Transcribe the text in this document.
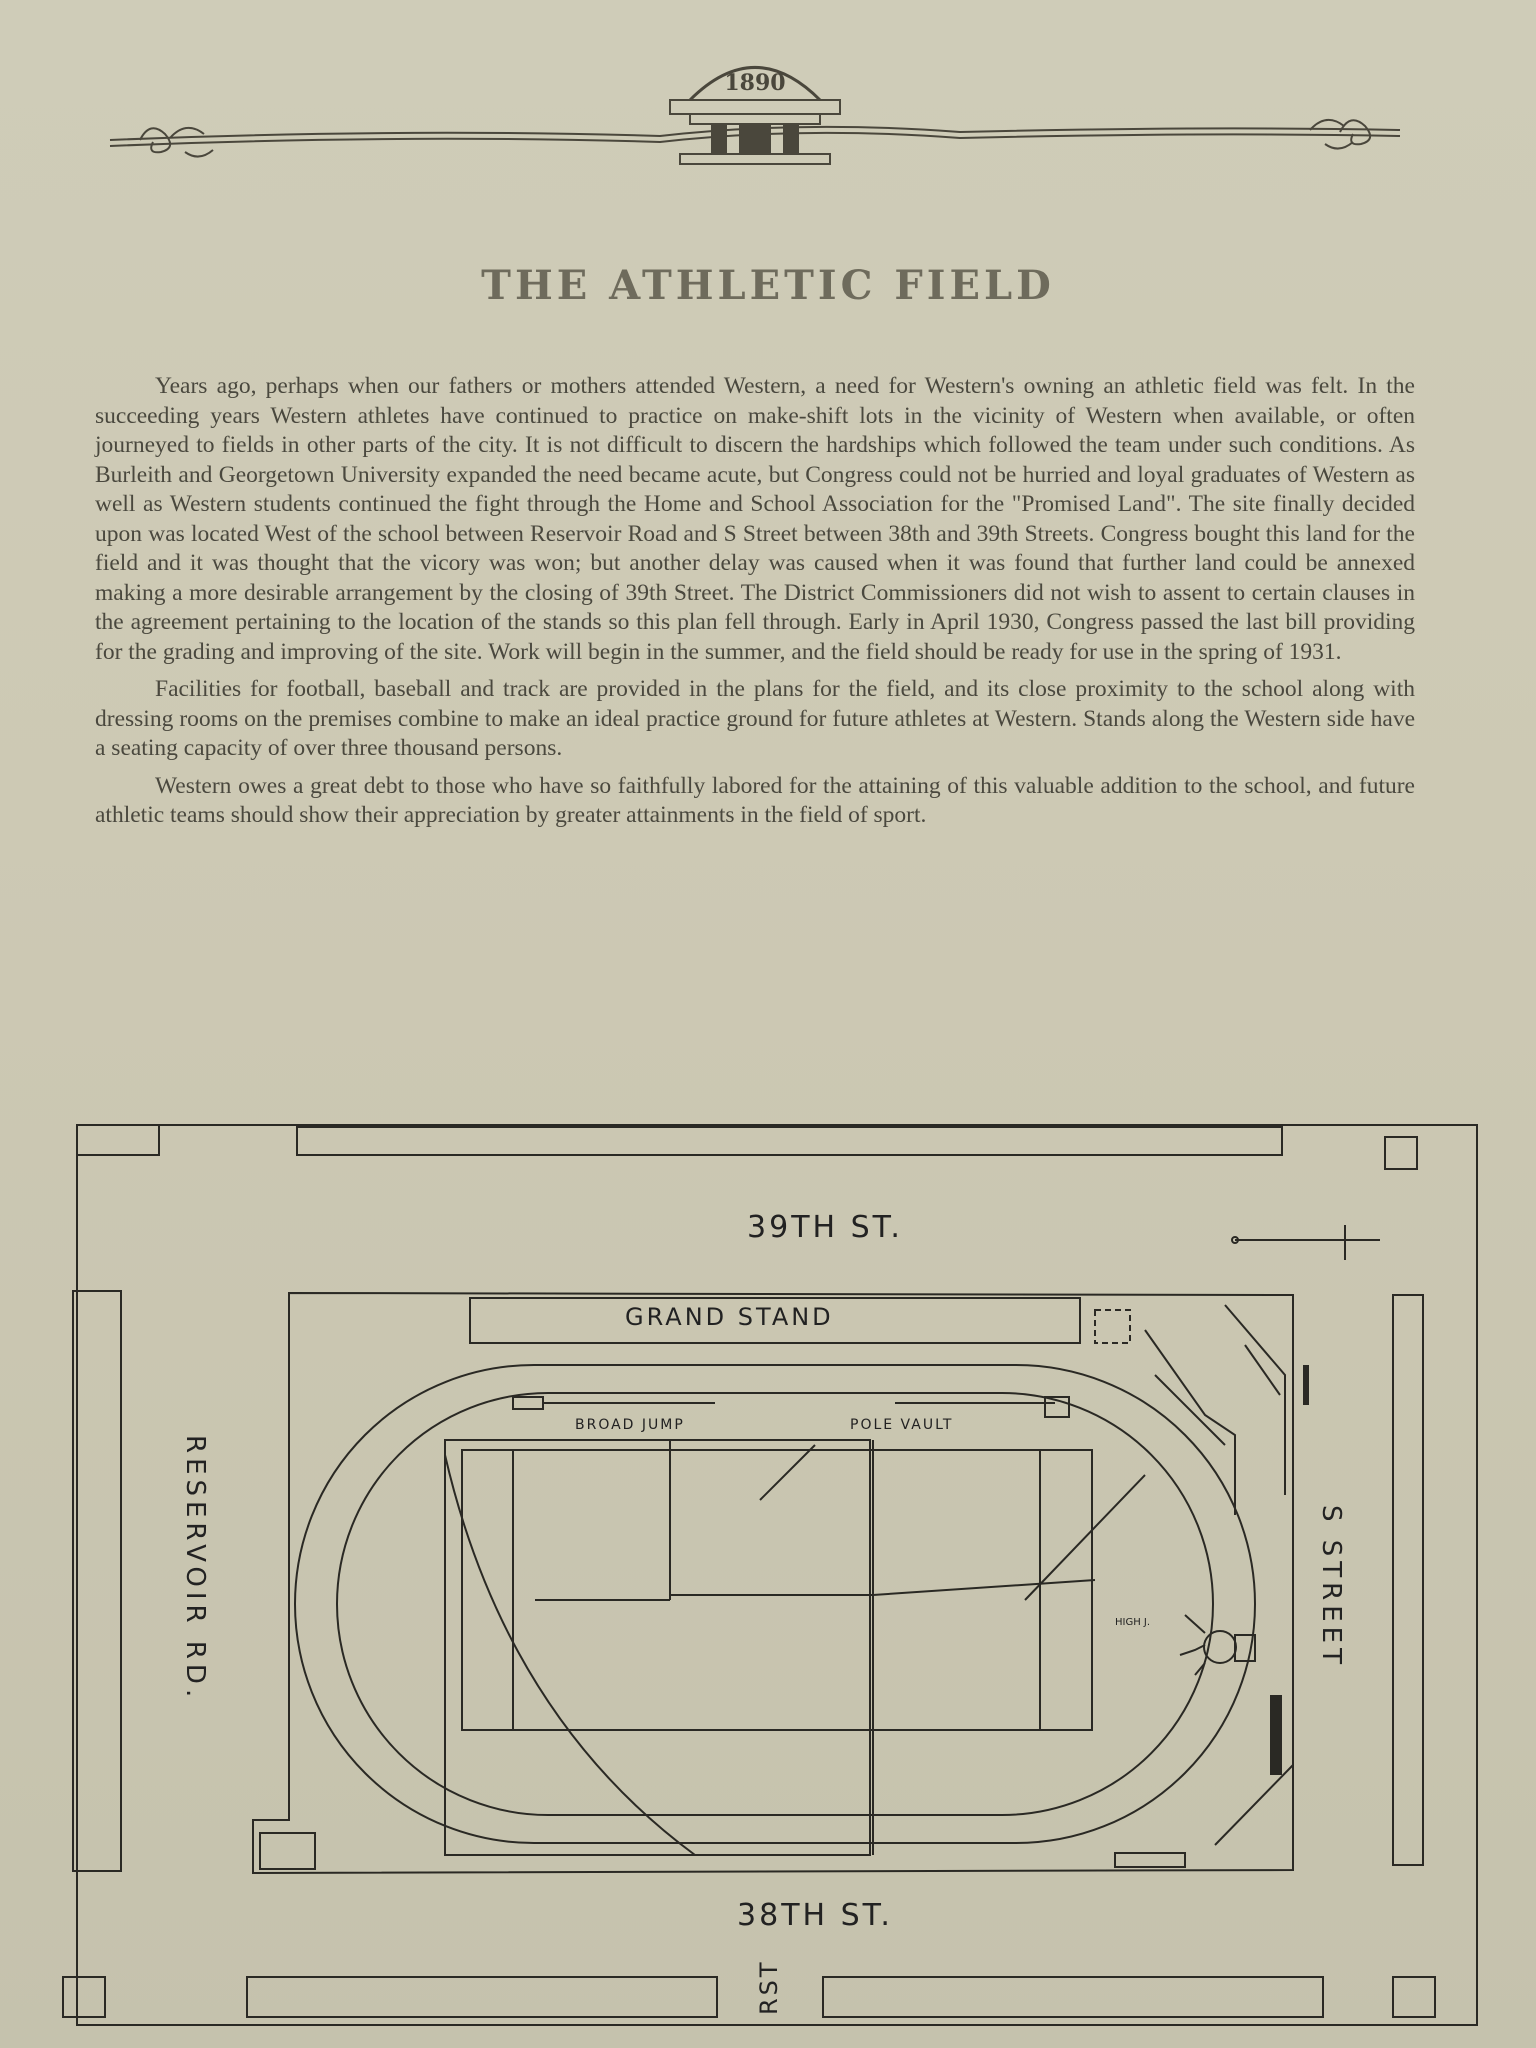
1890
THE ATHLETIC FIELD

Years ago, perhaps when our fathers or mothers attended Western, a need for Western's owning an athletic field was felt. In the succeeding years Western athletes have continued to practice on make-shift lots in the vicinity of Western when available, or often journeyed to fields in other parts of the city. It is not difficult to discern the hardships which followed the team under such conditions. As Burleith and Georgetown University expanded the need became acute, but Congress could not be hurried and loyal graduates of Western as well as Western students continued the fight through the Home and School Association for the "Promised Land". The site finally decided upon was located West of the school between Reservoir Road and S Street between 38th and 39th Streets. Congress bought this land for the field and it was thought that the vicory was won; but another delay was caused when it was found that further land could be annexed making a more desirable arrangement by the closing of 39th Street. The District Commissioners did not wish to assent to certain clauses in the agreement pertaining to the location of the stands so this plan fell through. Early in April 1930, Congress passed the last bill providing for the grading and improving of the site. Work will begin in the summer, and the field should be ready for use in the spring of 1931.

Facilities for football, baseball and track are provided in the plans for the field, and its close proximity to the school along with dressing rooms on the premises combine to make an ideal practice ground for future athletes at Western. Stands along the Western side have a seating capacity of over three thousand persons.

Western owes a great debt to those who have so faithfully labored for the attaining of this valuable addition to the school, and future athletic teams should show their appreciation by greater attainments in the field of sport.

39TH ST.
GRAND STAND
BROAD JUMP	POLE VAULT
HIGH J.
38TH ST.
RESERVOIR RD.	S STREET
RST
